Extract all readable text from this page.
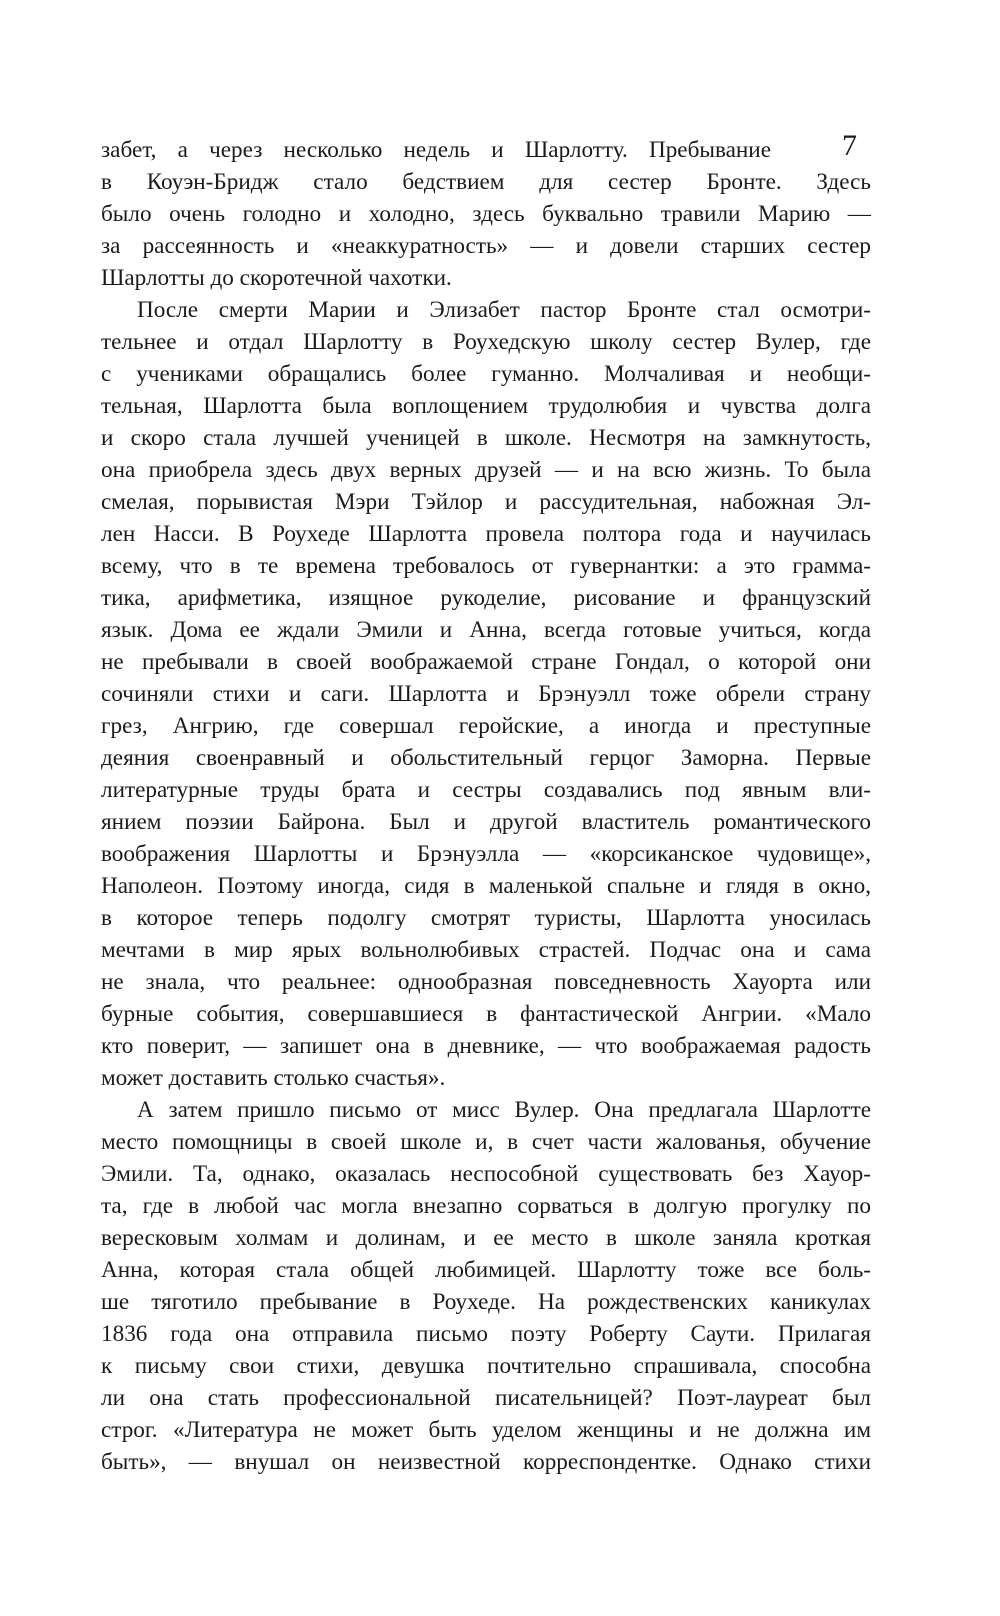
7
забет, а через несколько недель и Шарлотту. Пребывание
в Коуэн-Бридж стало бедствием для сестер Бронте. Здесь
было очень голодно и холодно, здесь буквально травили Марию —
за рассеянность и «неаккуратность» — и довели старших сестер
Шарлотты до скоротечной чахотки.
После смерти Марии и Элизабет пастор Бронте стал осмотри-
тельнее и отдал Шарлотту в Роухедскую школу сестер Вулер, где
с учениками обращались более гуманно. Молчаливая и необщи-
тельная, Шарлотта была воплощением трудолюбия и чувства долга
и скоро стала лучшей ученицей в школе. Несмотря на замкнутость,
она приобрела здесь двух верных друзей — и на всю жизнь. То была
смелая, порывистая Мэри Тэйлор и рассудительная, набожная Эл-
лен Насси. В Роухеде Шарлотта провела полтора года и научилась
всему, что в те времена требовалось от гувернантки: а это грамма-
тика, арифметика, изящное рукоделие, рисование и французский
язык. Дома ее ждали Эмили и Анна, всегда готовые учиться, когда
не пребывали в своей воображаемой стране Гондал, о которой они
сочиняли стихи и саги. Шарлотта и Брэнуэлл тоже обрели страну
грез, Ангрию, где совершал геройские, а иногда и преступные
деяния своенравный и обольстительный герцог Заморна. Первые
литературные труды брата и сестры создавались под явным вли-
янием поэзии Байрона. Был и другой властитель романтического
воображения Шарлотты и Брэнуэлла — «корсиканское чудовище»,
Наполеон. Поэтому иногда, сидя в маленькой спальне и глядя в окно,
в которое теперь подолгу смотрят туристы, Шарлотта уносилась
мечтами в мир ярых вольнолюбивых страстей. Подчас она и сама
не знала, что реальнее: однообразная повседневность Хауорта или
бурные события, совершавшиеся в фантастической Ангрии. «Мало
кто поверит, — запишет она в дневнике, — что воображаемая радость
может доставить столько счастья».
А затем пришло письмо от мисс Вулер. Она предлагала Шарлотте
место помощницы в своей школе и, в счет части жалованья, обучение
Эмили. Та, однако, оказалась неспособной существовать без Хауор-
та, где в любой час могла внезапно сорваться в долгую прогулку по
вересковым холмам и долинам, и ее место в школе заняла кроткая
Анна, которая стала общей любимицей. Шарлотту тоже все боль-
ше тяготило пребывание в Роухеде. На рождественских каникулах
1836 года она отправила письмо поэту Роберту Саути. Прилагая
к письму свои стихи, девушка почтительно спрашивала, способна
ли она стать профессиональной писательницей? Поэт-лауреат был
строг. «Литература не может быть уделом женщины и не должна им
быть», — внушал он неизвестной корреспондентке. Однако стихи
